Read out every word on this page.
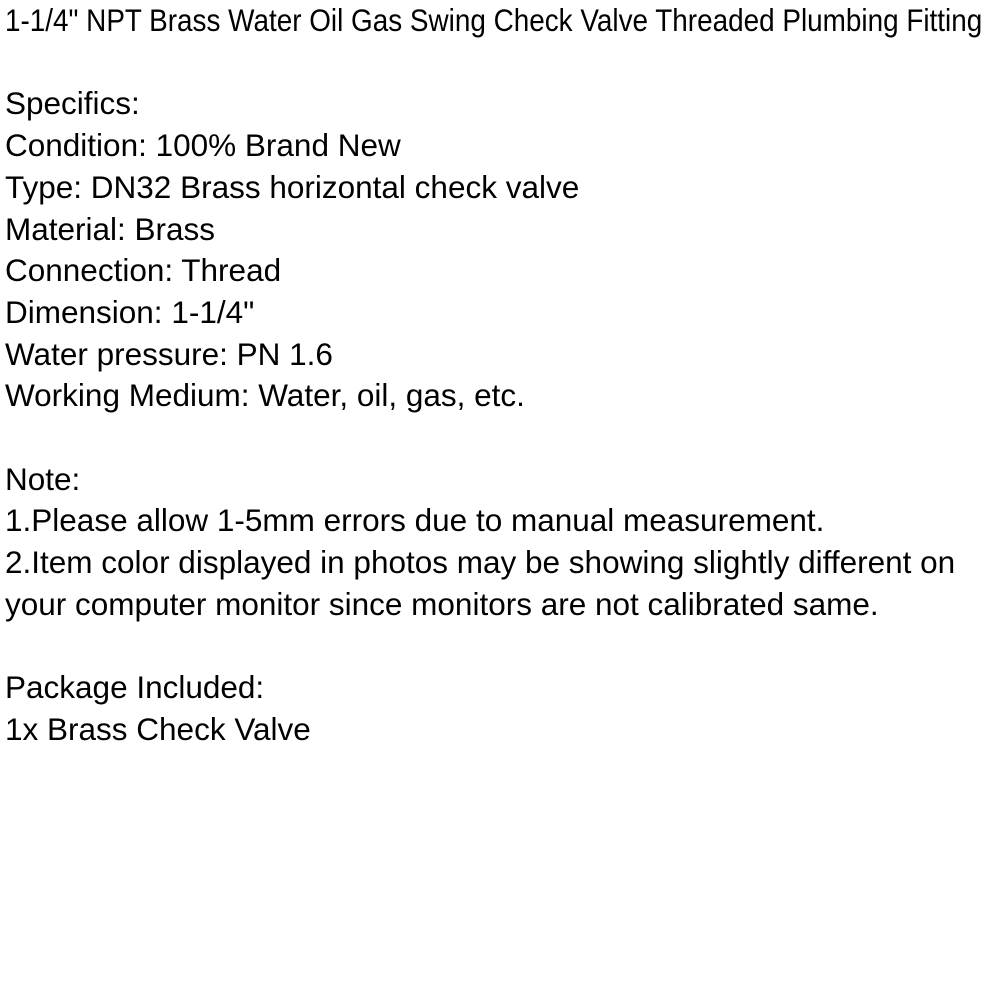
1-1/4" NPT Brass Water Oil Gas Swing Check Valve Threaded Plumbing Fitting
Specifics:
Condition: 100% Brand New
Type: DN32 Brass horizontal check valve
Material: Brass
Connection: Thread
Dimension: 1-1/4"
Water pressure: PN 1.6
Working Medium: Water, oil, gas, etc.
Note:
1.Please allow 1-5mm errors due to manual measurement.
2.Item color displayed in photos may be showing slightly different on your computer monitor since monitors are not calibrated same.
Package Included:
1x Brass Check Valve
